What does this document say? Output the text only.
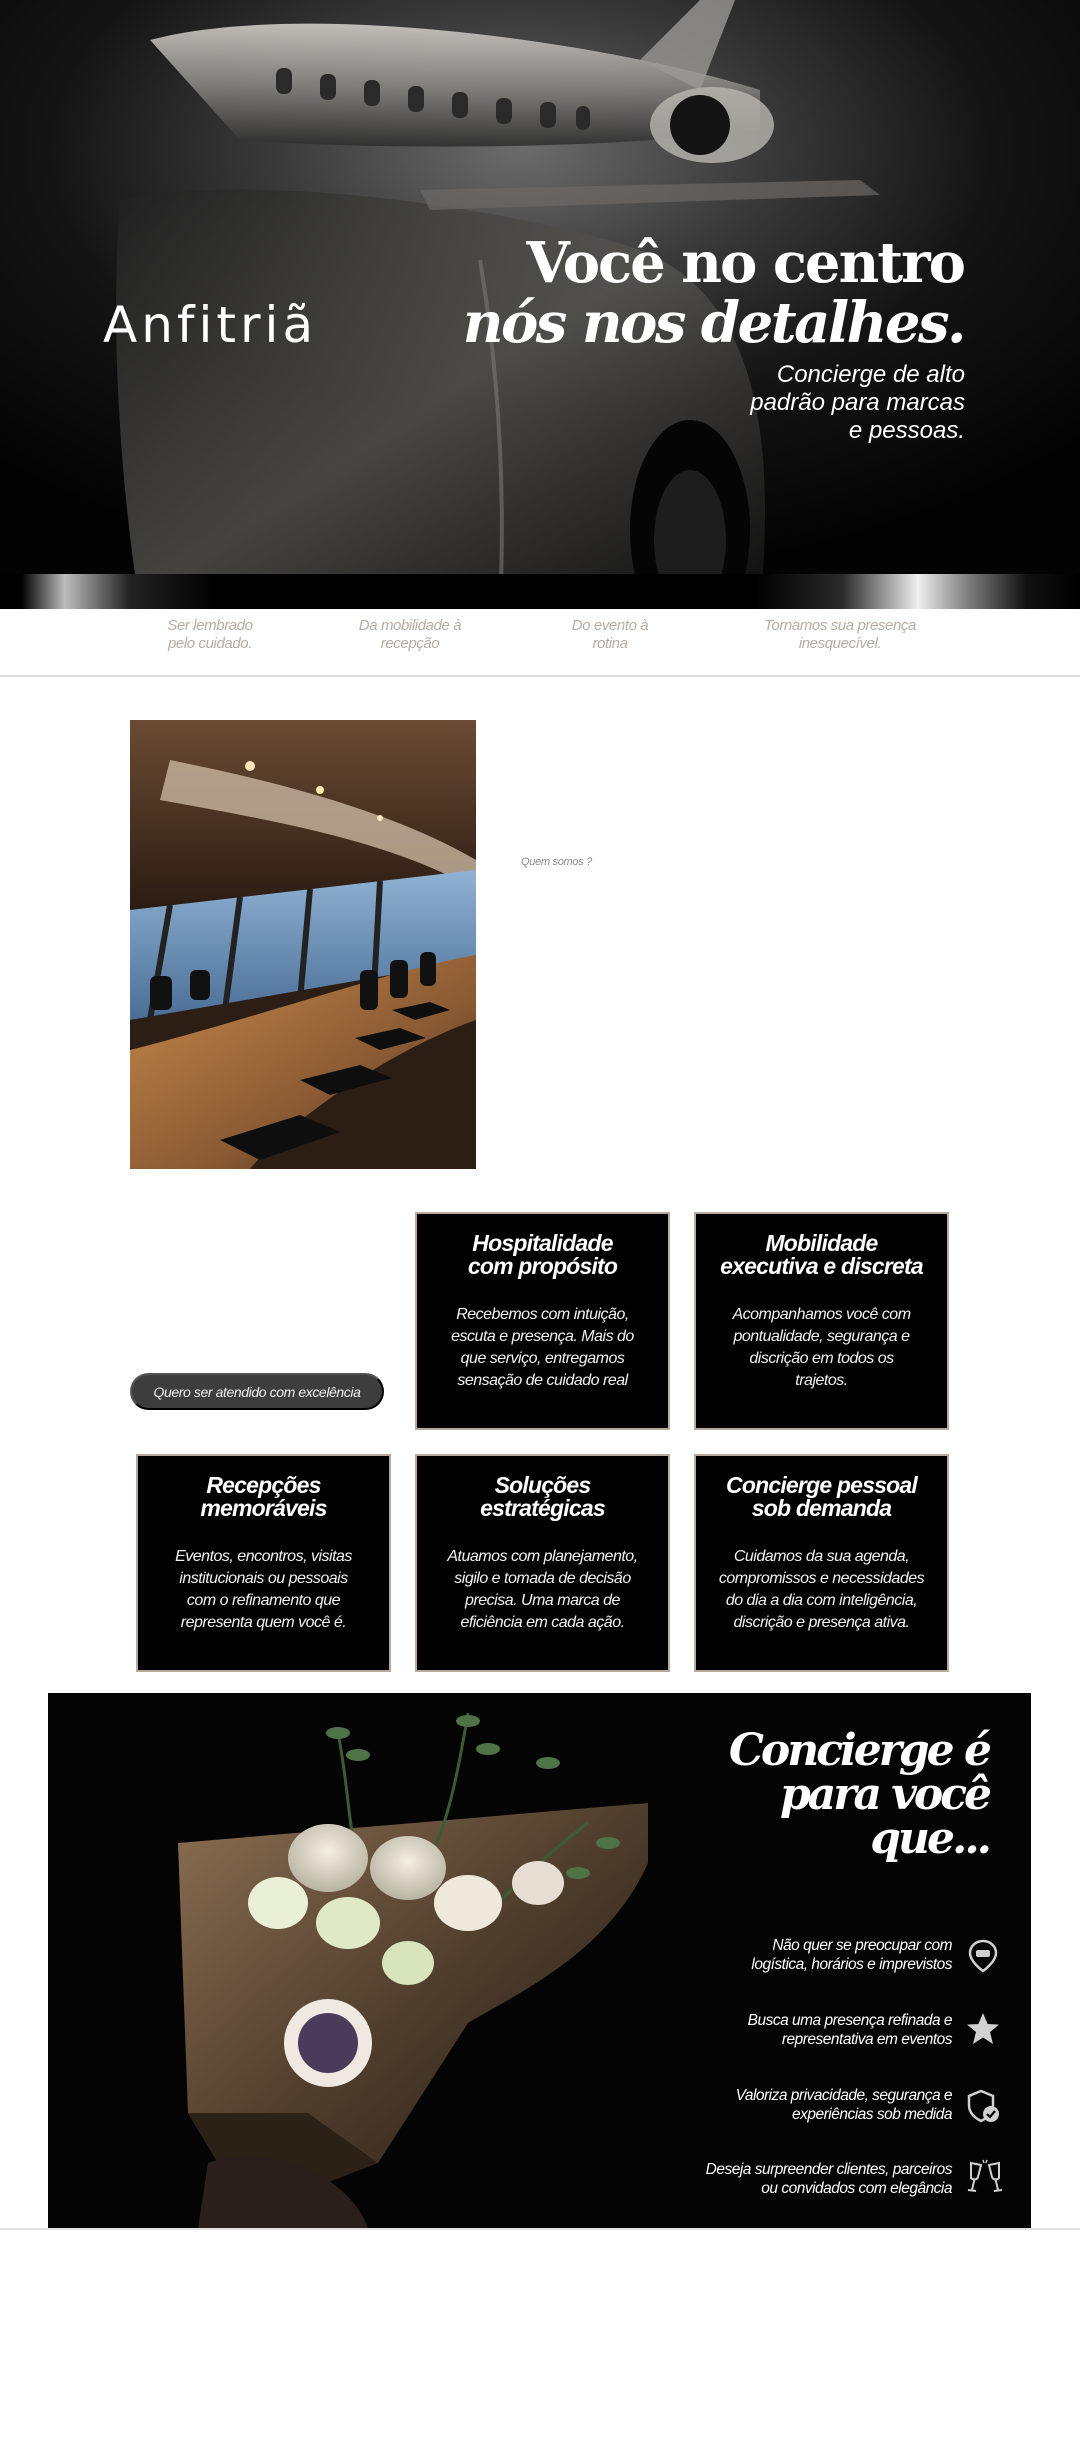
Anfitriã
Você no centro
nós nos detalhes.
Concierge de alto
padrão para marcas
e pessoas.
Ser lembrado
pelo cuidado.
Da mobilidade à
recepção
Do evento à
rotina
Tornamos sua presença
inesquecível.
Quem somos ?
Quero ser atendido com excelência
Hospitalidade
com propósito

Recebemos com intuição,
escuta e presença. Mais do
que serviço, entregamos
sensação de cuidado real

Mobilidade
executiva e discreta

Acompanhamos você com
pontualidade, segurança e
discrição em todos os
trajetos.

Recepções
memoráveis

Eventos, encontros, visitas
institucionais ou pessoais
com o refinamento que
representa quem você é.

Soluções
estratégicas

Atuamos com planejamento,
sigilo e tomada de decisão
precisa. Uma marca de
eficiência em cada ação.

Concierge pessoal
sob demanda

Cuidamos da sua agenda,
compromissos e necessidades
do dia a dia com inteligência,
discrição e presença ativa.

Concierge é
para você
que...
Não quer se preocupar com
logística, horários e imprevistos
Busca uma presença refinada e
representativa em eventos
Valoriza privacidade, segurança e
experiências sob medida
Deseja surpreender clientes, parceiros
ou convidados com elegância
